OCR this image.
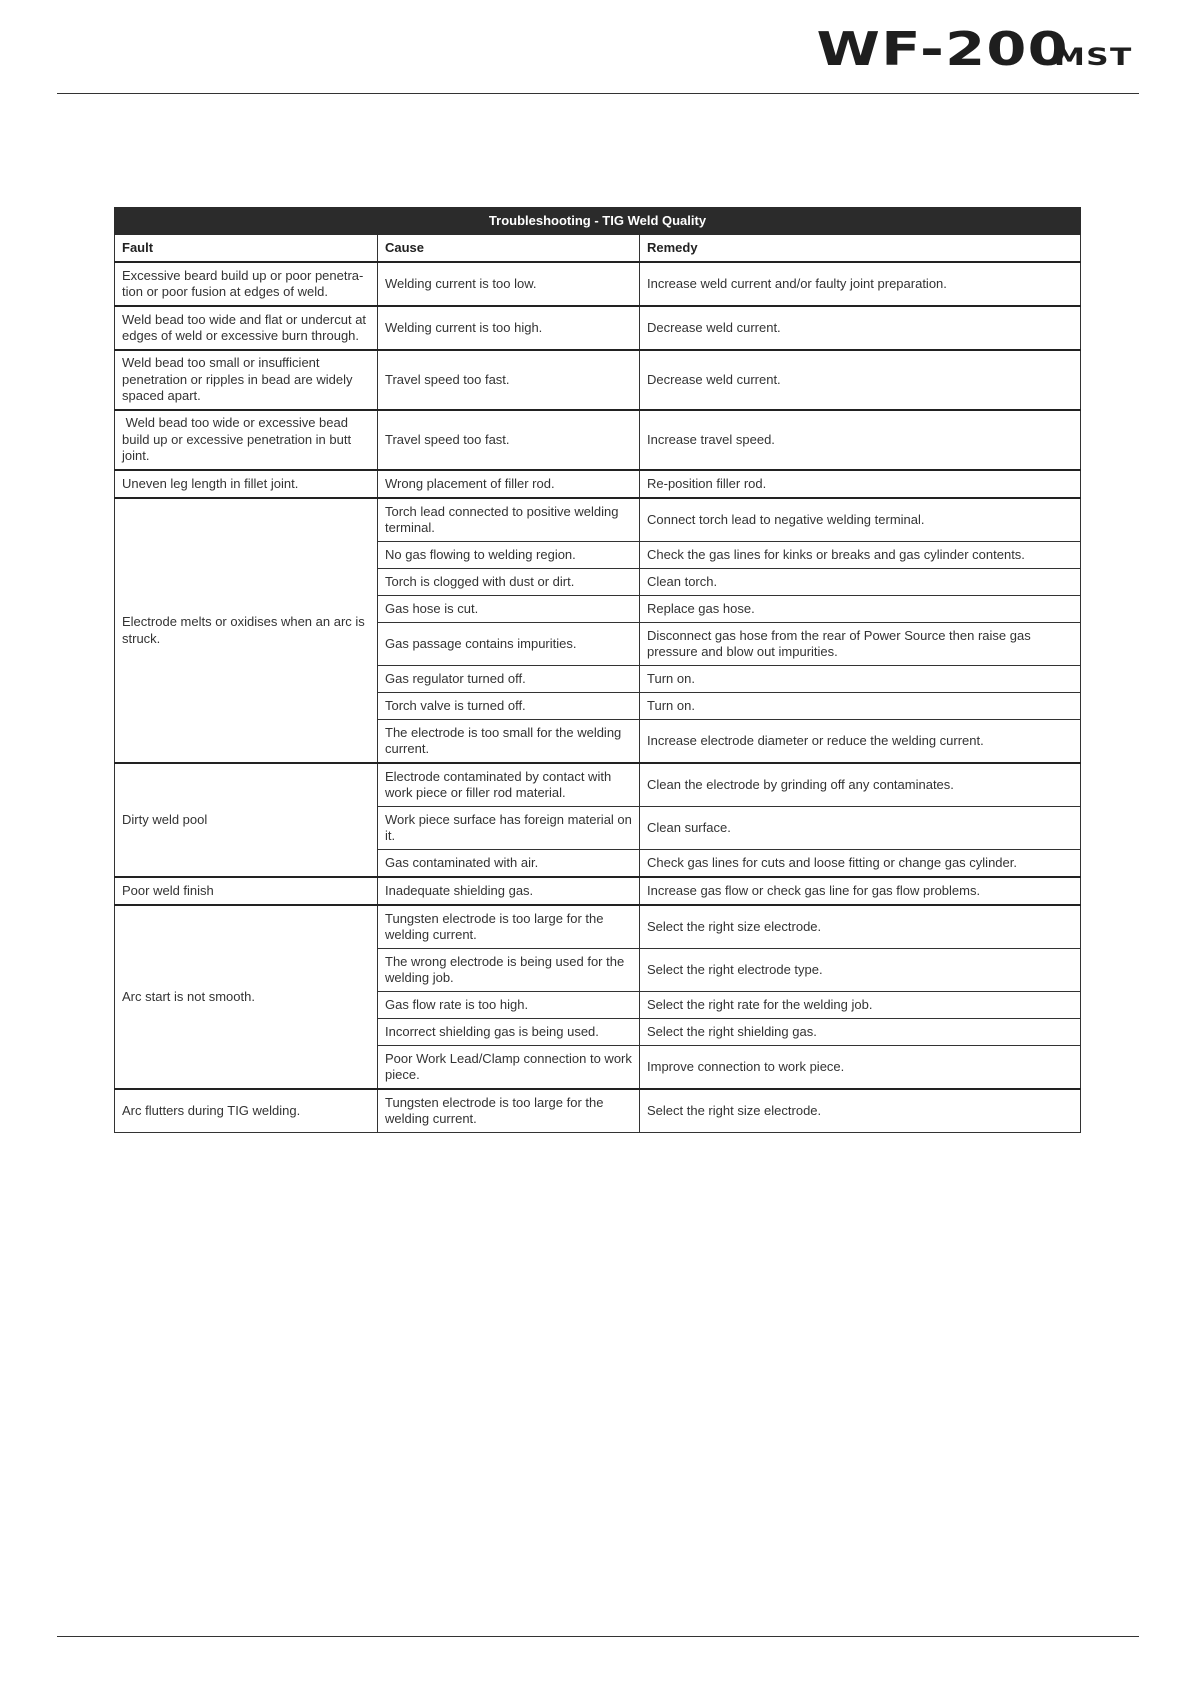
WF-200
MST
Troubleshooting - TIG Weld Quality		
Fault	Cause	Remedy
Excessive beard build up or poor penetra-tion or poor fusion at edges of weld.	Welding current is too low.	Increase weld current and/or faulty joint preparation.
Weld bead too wide and flat or undercut at edges of weld or excessive burn through.	Welding current is too high.	Decrease weld current.
Weld bead too small or insufficient penetration or ripples in bead are widely spaced apart.	Travel speed too fast.	Decrease weld current.
Weld bead too wide or excessive bead build up or excessive penetration in butt joint.	Travel speed too fast.	Increase travel speed.
Uneven leg length in fillet joint.	Wrong placement of filler rod.	Re-position filler rod.
Electrode melts or oxidises when an arc is struck.	Torch lead connected to positive welding terminal.	Connect torch lead to negative welding terminal.
	No gas flowing to welding region.	Check the gas lines for kinks or breaks and gas cylinder contents.
	Torch is clogged with dust or dirt.	Clean torch.
	Gas hose is cut.	Replace gas hose.
	Gas passage contains impurities.	Disconnect gas hose from the rear of Power Source then raise gas pressure and blow out impurities.
	Gas regulator turned off.	Turn on.
	Torch valve is turned off.	Turn on.
	The electrode is too small for the welding current.	Increase electrode diameter or reduce the welding current.
Dirty weld pool	Electrode contaminated by contact with work piece or filler rod material.	Clean the electrode by grinding off any contaminates.
	Work piece surface has foreign material on it.	Clean surface.
	Gas contaminated with air.	Check gas lines for cuts and loose fitting or change gas cylinder.
Poor weld finish	Inadequate shielding gas.	Increase gas flow or check gas line for gas flow problems.
Arc start is not smooth.	Tungsten electrode is too large for the welding current.	Select the right size electrode.
	The wrong electrode is being used for the welding job.	Select the right electrode type.
	Gas flow rate is too high.	Select the right rate for the welding job.
	Incorrect shielding gas is being used.	Select the right shielding gas.
	Poor Work Lead/Clamp connection to work piece.	Improve connection to work piece.
Arc flutters during TIG welding.	Tungsten electrode is too large for the welding current.	Select the right size electrode.
